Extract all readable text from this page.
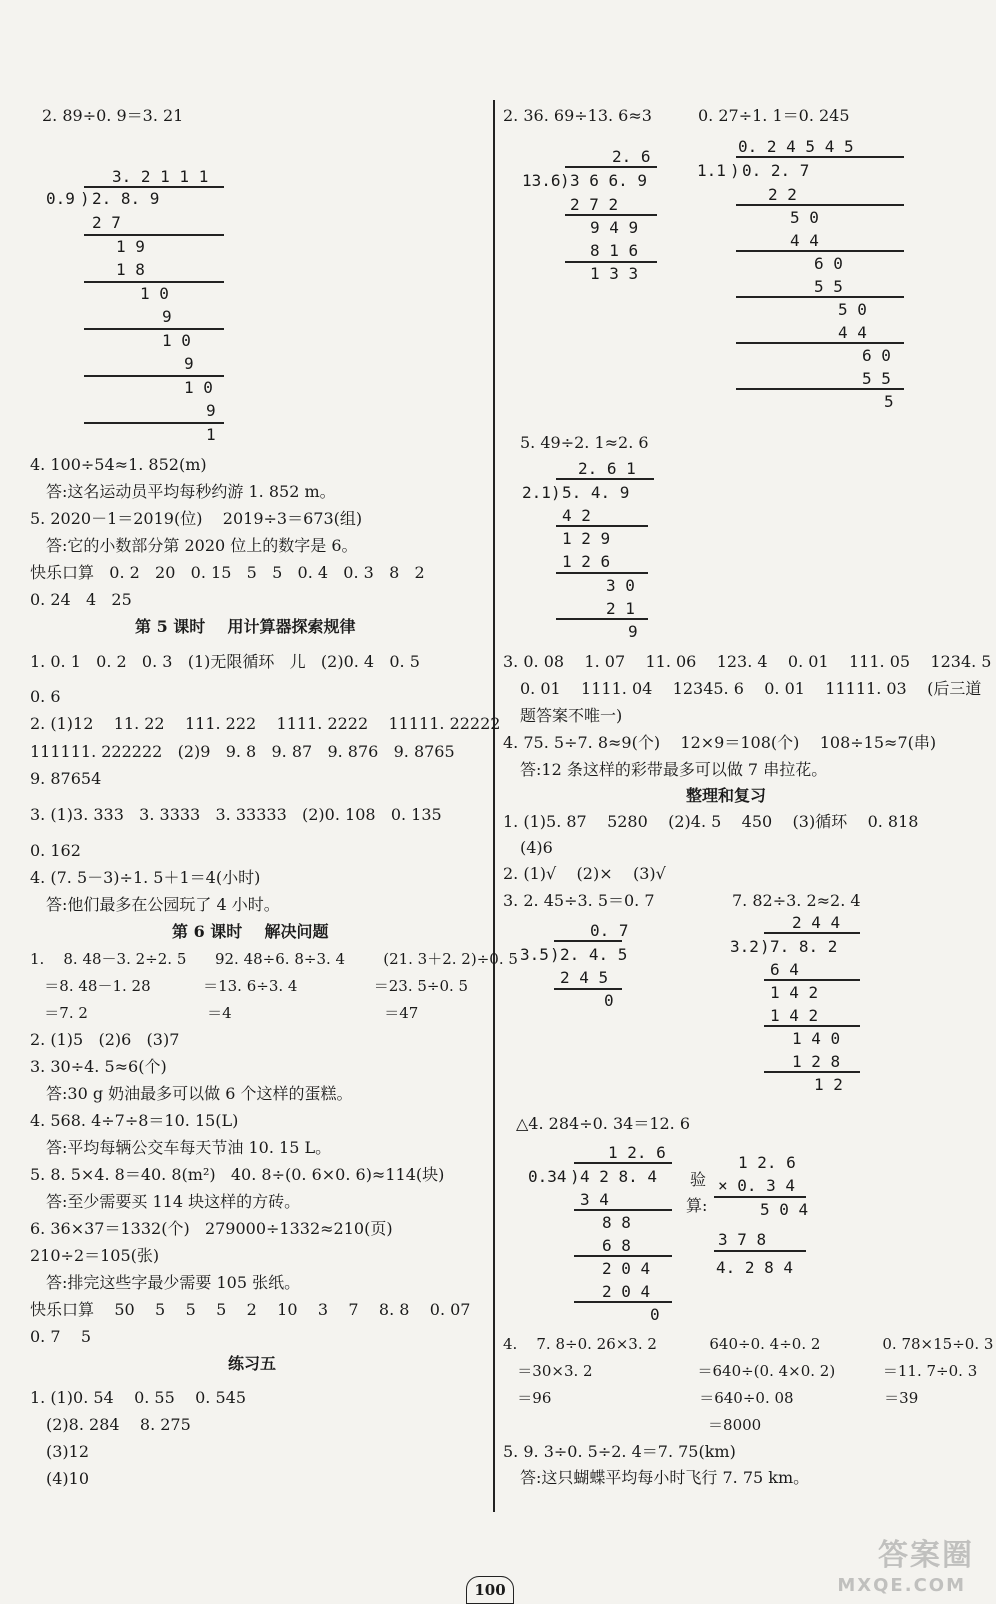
2. 89÷0. 9＝3. 21
3. 2 1 1 1
0.9 ) 2. 8. 9
2 7
1 9
1 8
1 0
9
1 0
9
1 0
9
1
4. 100÷54≈1. 852(m)
答:这名运动员平均每秒约游 1. 852 m。
5. 2020－1＝2019(位)    2019÷3＝673(组)
答:它的小数部分第 2020 位上的数字是 6。
快乐口算   0. 2   20   0. 15   5   5   0. 4   0. 3   8   2
0. 24   4   25
第 5 课时    用计算器探索规律
1. 0. 1   0. 2   0. 3   (1)无限循环   儿   (2)0. 4   0. 5
0. 6
2. (1)12    11. 22    111. 222    1111. 2222    11111. 22222
111111. 222222   (2)9   9. 8   9. 87   9. 876   9. 8765
9. 87654
3. (1)3. 333   3. 3333   3. 33333   (2)0. 108   0. 135
0. 162
4. (7. 5－3)÷1. 5＋1＝4(小时)
答:他们最多在公园玩了 4 小时。
第 6 课时    解决问题
1.    8. 48－3. 2÷2. 5      92. 48÷6. 8÷3. 4        (21. 3＋2. 2)÷0. 5
＝8. 48－1. 28           ＝13. 6÷3. 4                ＝23. 5÷0. 5
＝7. 2                         ＝4                                ＝47
2. (1)5   (2)6   (3)7
3. 30÷4. 5≈6(个)
答:30 g 奶油最多可以做 6 个这样的蛋糕。
4. 568. 4÷7÷8＝10. 15(L)
答:平均每辆公交车每天节油 10. 15 L。
5. 8. 5×4. 8＝40. 8(m²)   40. 8÷(0. 6×0. 6)≈114(块)
答:至少需要买 114 块这样的方砖。
6. 36×37＝1332(个)   279000÷1332≈210(页)
210÷2＝105(张)
答:排完这些字最少需要 105 张纸。
快乐口算    50    5    5    5    2    10    3    7    8. 8    0. 07
0. 7    5
练习五
1. (1)0. 54    0. 55    0. 545
(2)8. 284    8. 275
(3)12
(4)10
2. 36. 69÷13. 6≈3	0. 27÷1. 1＝0. 245
2. 6
13.6 ) 3 6 6. 9
2 7 2
9 4 9
8 1 6
1 3 3
0. 2 4 5 4 5
1.1 ) 0. 2. 7
2 2
5 0
4 4
6 0
5 5
5 0
4 4
6 0
5 5
5
5. 49÷2. 1≈2. 6
2. 6 1
2.1 ) 5. 4. 9
4 2
1 2 9
1 2 6
3 0
2 1
9
3. 0. 08    1. 07    11. 06    123. 4    0. 01    111. 05    1234. 5
0. 01    1111. 04    12345. 6    0. 01    11111. 03    (后三道
题答案不唯一)
4. 75. 5÷7. 8≈9(个)    12×9＝108(个)    108÷15≈7(串)
答:12 条这样的彩带最多可以做 7 串拉花。
整理和复习
1. (1)5. 87    5280    (2)4. 5    450    (3)循环    0. 818
(4)6
2. (1)√    (2)×    (3)√
3. 2. 45÷3. 5＝0. 7	7. 82÷3. 2≈2. 4
0. 7
3.5 ) 2. 4. 5
2 4 5
0
2 4 4
3.2 ) 7. 8. 2
6 4
1 4 2
1 4 2
1 4 0
1 2 8
1 2
△4. 284÷0. 34＝12. 6
1 2. 6
0.34 ) 4 2 8. 4
3 4
8 8
6 8
2 0 4
2 0 4
0
验
算:
1 2. 6
× 0. 3 4
5 0 4
3 7 8
4. 2 8 4
4.    7. 8÷0. 26×3. 2           640÷0. 4÷0. 2             0. 78×15÷0. 3
＝30×3. 2                      ＝640÷(0. 4×0. 2)          ＝11. 7÷0. 3
＝96                               ＝640÷0. 08                   ＝39
＝8000
5. 9. 3÷0. 5÷2. 4＝7. 75(km)
答:这只蝴蝶平均每小时飞行 7. 75 km。
100
答案圈
MXQE.COM
